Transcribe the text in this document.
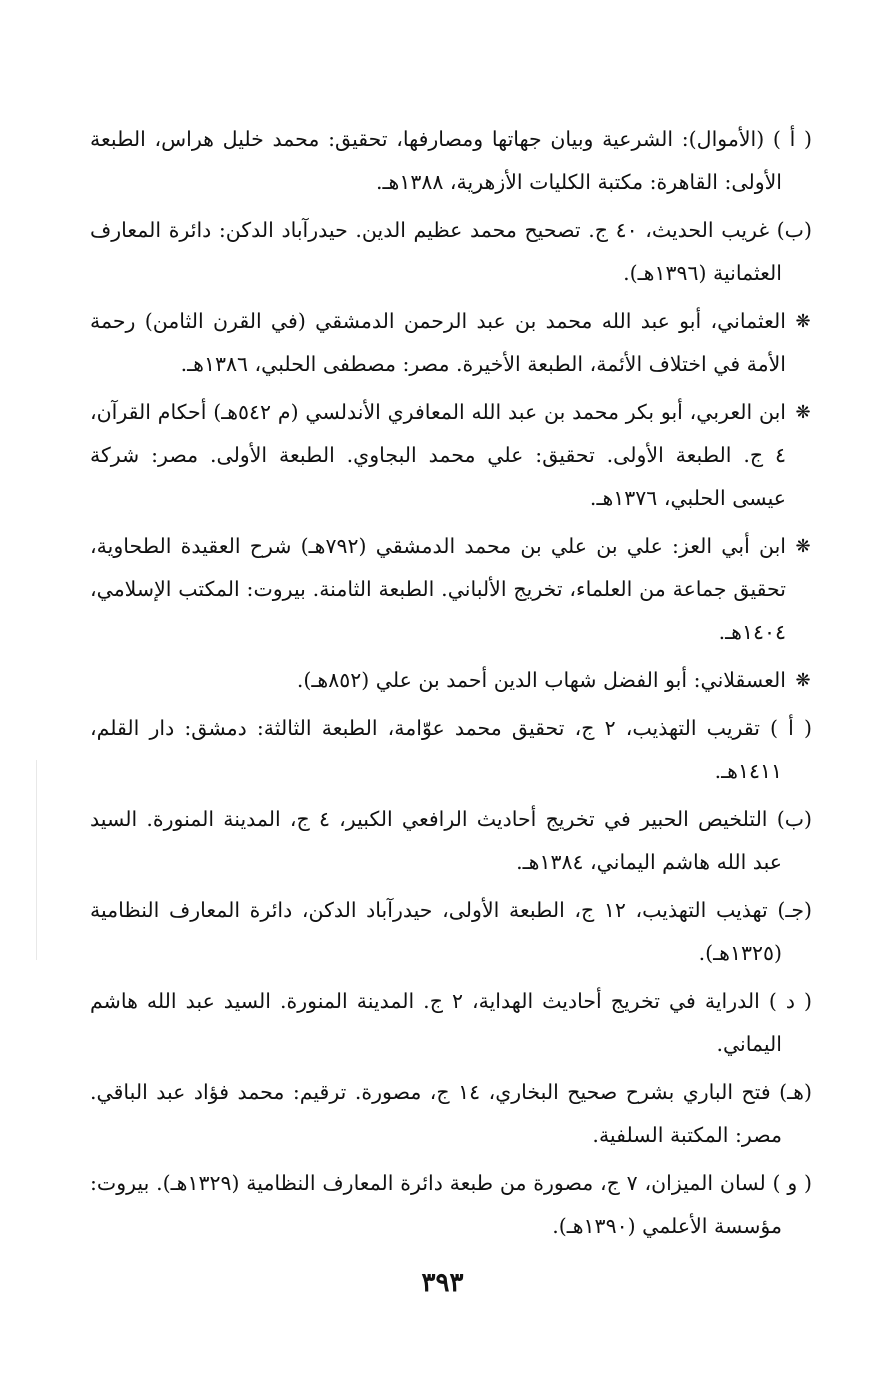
( أ ) (الأموال): الشرعية وبيان جهاتها ومصارفها، تحقيق: محمد خليل هراس، الطبعة الأولى: القاهرة: مكتبة الكليات الأزهرية، ١٣٨٨هـ.
(ب) غريب الحديث، ٤٠ ج. تصحيح محمد عظيم الدين. حيدرآباد الدكن: دائرة المعارف العثمانية (١٣٩٦هـ).
❋
العثماني، أبو عبد الله محمد بن عبد الرحمن الدمشقي (في القرن الثامن) رحمة الأمة في اختلاف الأئمة، الطبعة الأخيرة. مصر: مصطفى الحلبي، ١٣٨٦هـ.
❋
ابن العربي، أبو بكر محمد بن عبد الله المعافري الأندلسي (م ٥٤٢هـ) أحكام القرآن، ٤ ج. الطبعة الأولى. تحقيق: علي محمد البجاوي. الطبعة الأولى. مصر: شركة عيسى الحلبي، ١٣٧٦هـ.
❋
ابن أبي العز: علي بن علي بن محمد الدمشقي (٧٩٢هـ) شرح العقيدة الطحاوية، تحقيق جماعة من العلماء، تخريج الألباني. الطبعة الثامنة. بيروت: المكتب الإسلامي، ١٤٠٤هـ.
❋
العسقلاني: أبو الفضل شهاب الدين أحمد بن علي (٨٥٢هـ).
( أ ) تقريب التهذيب، ٢ ج، تحقيق محمد عوّامة، الطبعة الثالثة: دمشق: دار القلم، ١٤١١هـ.
(ب) التلخيص الحبير في تخريج أحاديث الرافعي الكبير، ٤ ج، المدينة المنورة. السيد عبد الله هاشم اليماني، ١٣٨٤هـ.
(جـ) تهذيب التهذيب، ١٢ ج، الطبعة الأولى، حيدرآباد الدكن، دائرة المعارف النظامية (١٣٢٥هـ).
( د ) الدراية في تخريج أحاديث الهداية، ٢ ج. المدينة المنورة. السيد عبد الله هاشم اليماني.
(هـ) فتح الباري بشرح صحيح البخاري، ١٤ ج، مصورة. ترقيم: محمد فؤاد عبد الباقي. مصر: المكتبة السلفية.
( و ) لسان الميزان، ٧ ج، مصورة من طبعة دائرة المعارف النظامية (١٣٢٩هـ). بيروت: مؤسسة الأعلمي (١٣٩٠هـ).
٣٩٣
